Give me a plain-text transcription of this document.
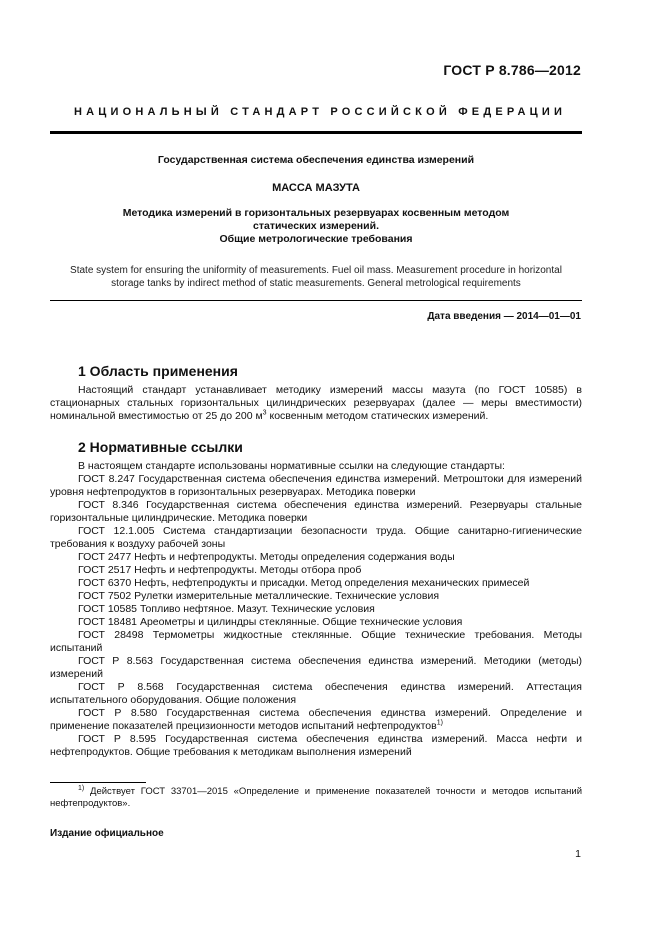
ГОСТ Р 8.786—2012
НАЦИОНАЛЬНЫЙ СТАНДАРТ РОССИЙСКОЙ ФЕДЕРАЦИИ
Государственная система обеспечения единства измерений
МАССА МАЗУТА
Методика измерений в горизонтальных резервуарах косвенным методом
статических измерений.
Общие метрологические требования
State system for ensuring the uniformity of measurements. Fuel oil mass. Measurement procedure in horizontal
storage tanks by indirect method of static measurements. General metrological requirements
Дата введения — 2014—01—01
1 Область применения

Настоящий стандарт устанавливает методику измерений массы мазута (по ГОСТ 10585) в стационарных стальных горизонтальных цилиндрических резервуарах (далее — меры вместимости) номинальной вместимостью от 25 до 200 $м^3$ косвенным методом статических измерений.

2 Нормативные ссылки

В настоящем стандарте использованы нормативные ссылки на следующие стандарты:

ГОСТ 8.247 Государственная система обеспечения единства измерений. Метроштоки для измерений уровня нефтепродуктов в горизонтальных резервуарах. Методика поверки

ГОСТ 8.346 Государственная система обеспечения единства измерений. Резервуары стальные горизонтальные цилиндрические. Методика поверки

ГОСТ 12.1.005 Система стандартизации безопасности труда. Общие санитарно-гигиенические требования к воздуху рабочей зоны

ГОСТ 2477 Нефть и нефтепродукты. Методы определения содержания воды

ГОСТ 2517 Нефть и нефтепродукты. Методы отбора проб

ГОСТ 6370 Нефть, нефтепродукты и присадки. Метод определения механических примесей

ГОСТ 7502 Рулетки измерительные металлические. Технические условия

ГОСТ 10585 Топливо нефтяное. Мазут. Технические условия

ГОСТ 18481 Ареометры и цилиндры стеклянные. Общие технические условия

ГОСТ 28498 Термометры жидкостные стеклянные. Общие технические требования. Методы испытаний

ГОСТ Р 8.563 Государственная система обеспечения единства измерений. Методики (методы) измерений

ГОСТ Р 8.568 Государственная система обеспечения единства измерений. Аттестация испытательного оборудования. Общие положения

ГОСТ Р 8.580 Государственная система обеспечения единства измерений. Определение и применение показателей прецизионности методов испытаний нефтепродуктов$^{1)}$

ГОСТ Р 8.595 Государственная система обеспечения единства измерений. Масса нефти и нефтепродуктов. Общие требования к методикам выполнения измерений

$^{1)}$ Действует ГОСТ 33701—2015 «Определение и применение показателей точности и методов испытаний нефтепродуктов».

Издание официальное
1
